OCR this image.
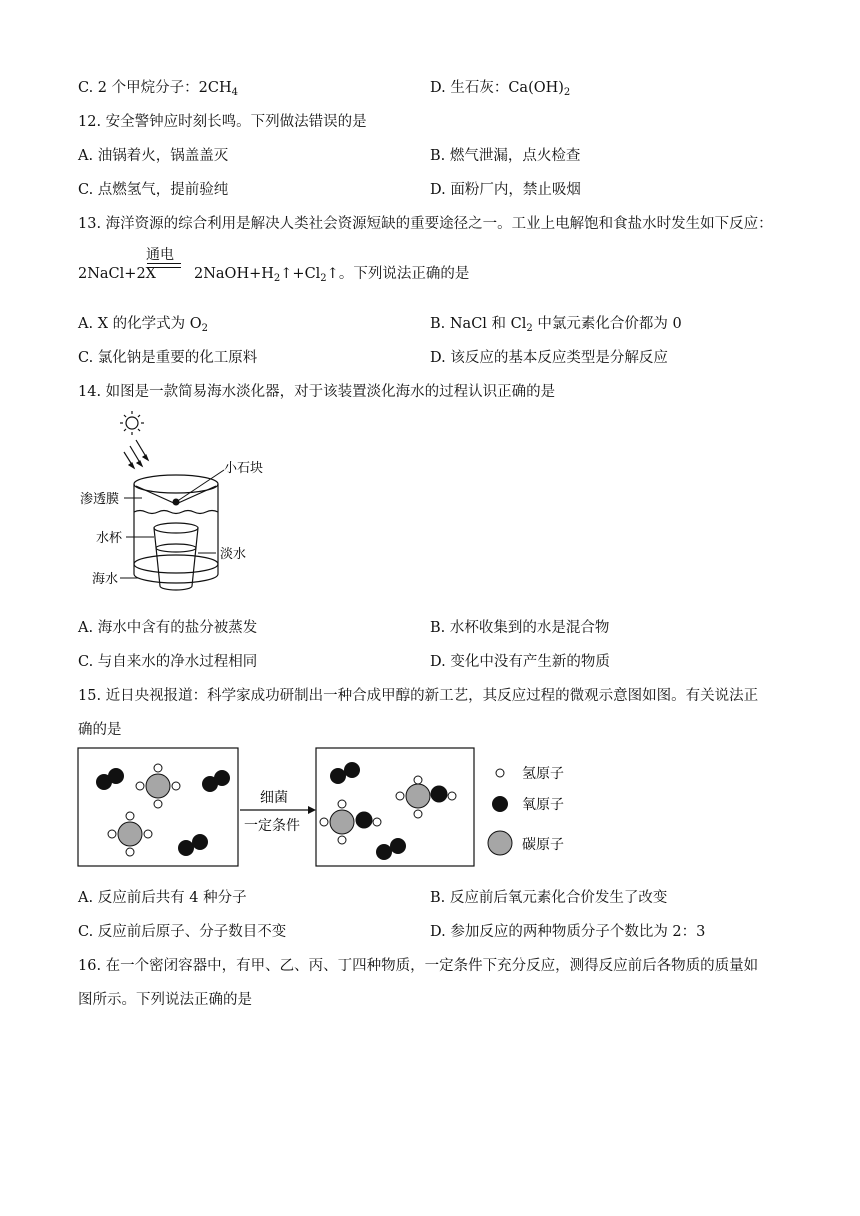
C. 2 个甲烷分子：$2CH_4$	D. 生石灰：$Ca(OH)_2$
12. 安全警钟应时刻长鸣。下列做法错误的是
A. 油锅着火，锅盖盖灭	B. 燃气泄漏，点火检查
C. 点燃氢气，提前验纯	D. 面粉厂内，禁止吸烟
13. 海洋资源的综合利用是解决人类社会资源短缺的重要途径之一。工业上电解饱和食盐水时发生如下反应：
通电
2NaCl+2X	$2NaOH+H_2↑+Cl_2↑$。下列说法正确的是
A. X 的化学式为 $O_2$	B. NaCl 和 $Cl_2$ 中氯元素化合价都为 0
C. 氯化钠是重要的化工原料	D. 该反应的基本反应类型是分解反应
14. 如图是一款简易海水淡化器，对于该装置淡化海水的过程认识正确的是
小石块
渗透膜
水杯
淡水
海水
A. 海水中含有的盐分被蒸发	B. 水杯收集到的水是混合物
C. 与自来水的净水过程相同	D. 变化中没有产生新的物质
15. 近日央视报道：科学家成功研制出一种合成甲醇的新工艺，其反应过程的微观示意图如图。有关说法正
确的是
细菌
一定条件
氢原子
氧原子
碳原子
A. 反应前后共有 4 种分子	B. 反应前后氧元素化合价发生了改变
C. 反应前后原子、分子数目不变	D. 参加反应的两种物质分子个数比为 2：3
16. 在一个密闭容器中，有甲、乙、丙、丁四种物质，一定条件下充分反应，测得反应前后各物质的质量如
图所示。下列说法正确的是
